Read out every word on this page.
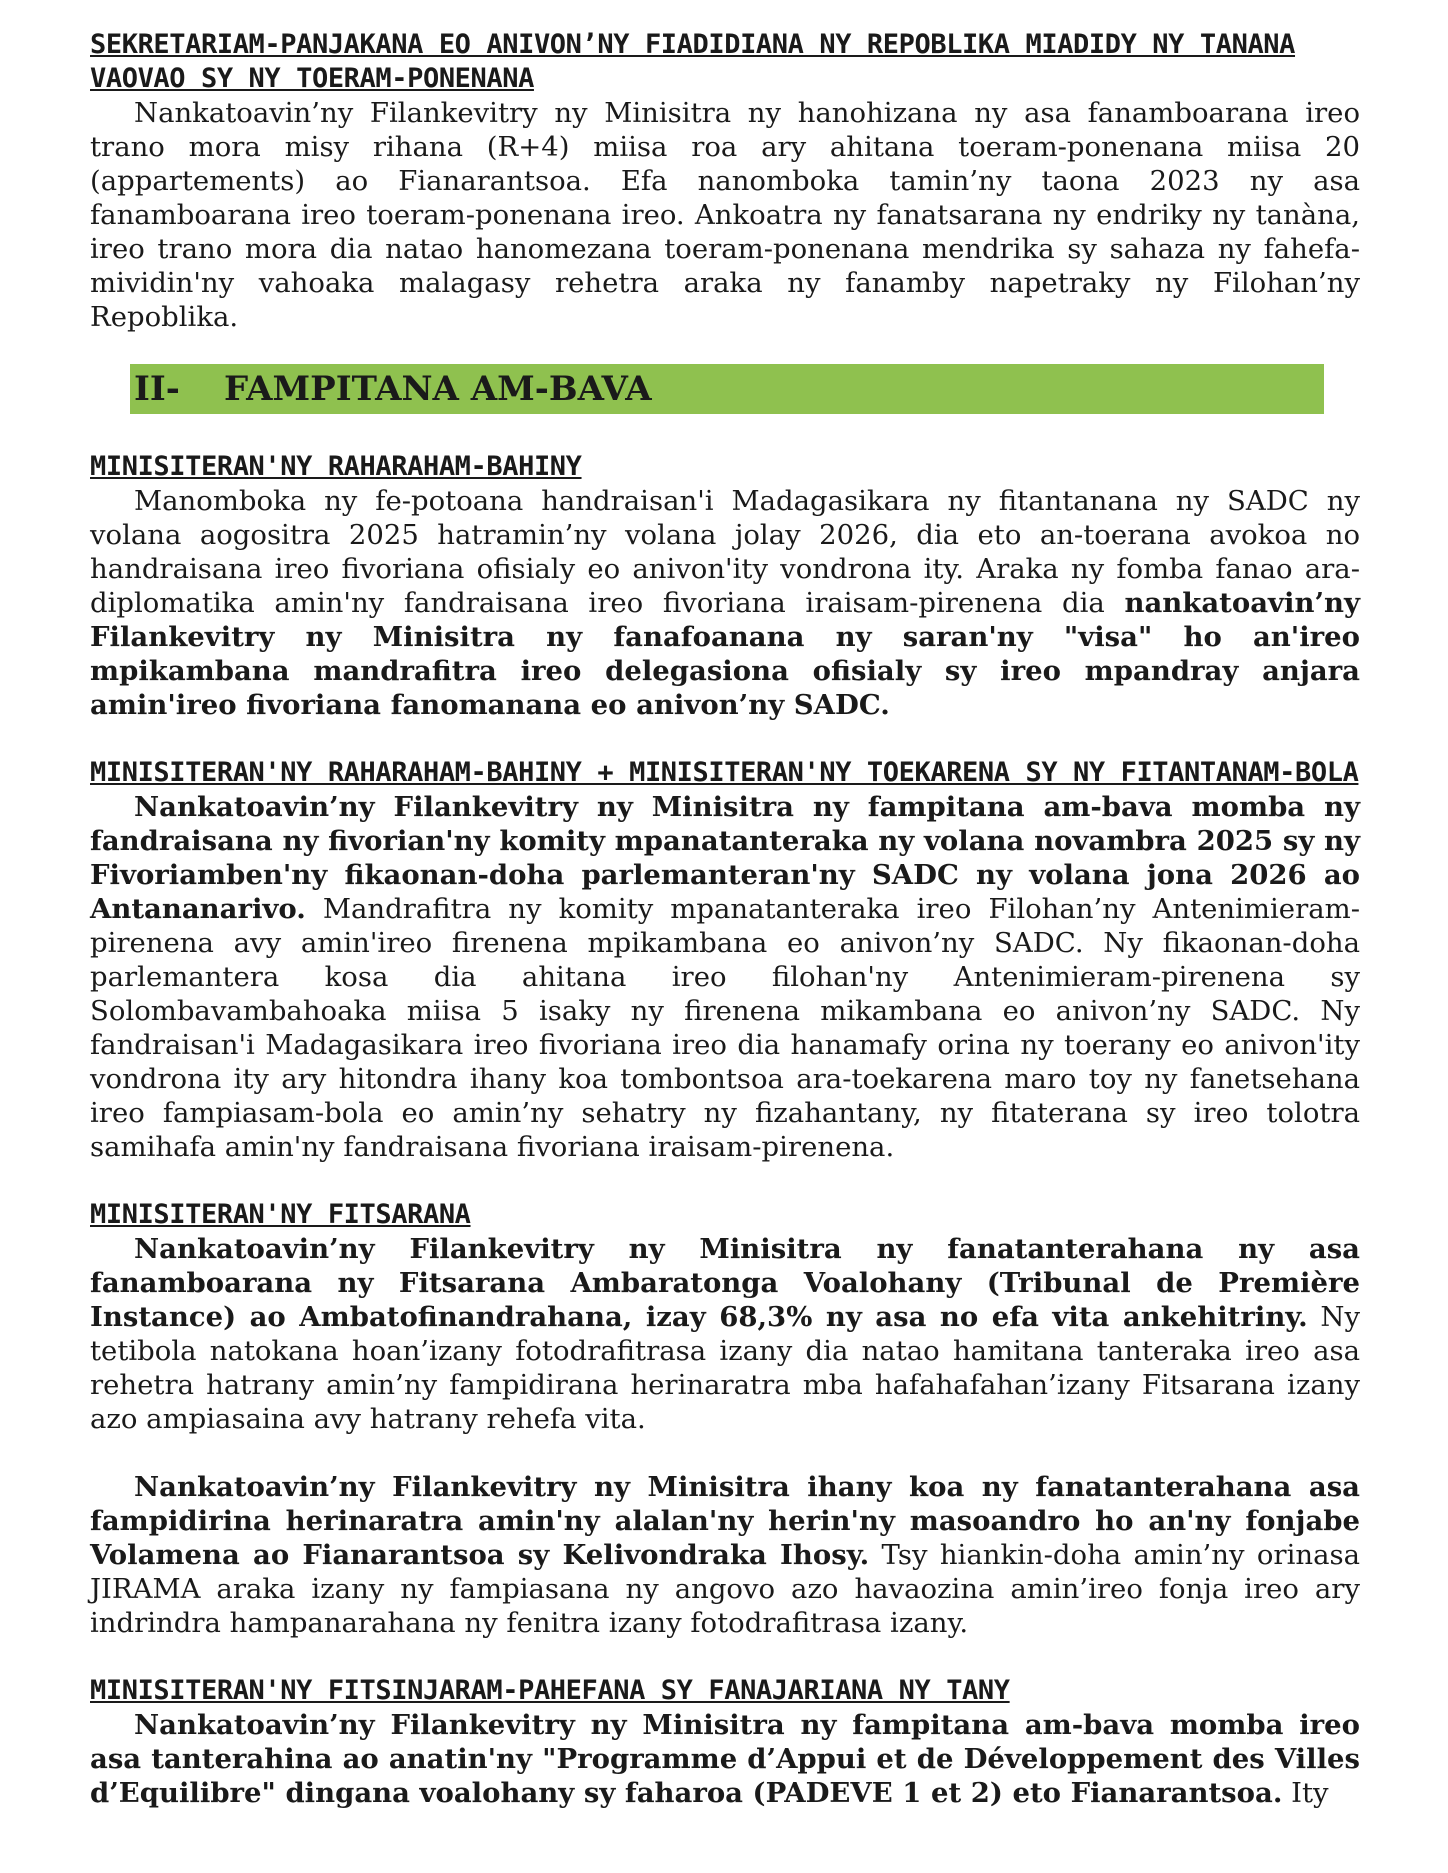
SEKRETARIAM-PANJAKANA EO ANIVON’NY FIADIDIANA NY REPOBLIKA MIADIDY NY TANANA VAOVAO SY NY TOERAM-PONENANA

Nankatoavin’ny Filankevitry ny Minisitra ny hanohizana ny asa fanamboarana ireo trano mora misy rihana (R+4) miisa roa ary ahitana toeram-ponenana miisa 20 (appartements) ao Fianarantsoa. Efa nanomboka tamin’ny taona 2023 ny asa fanamboarana ireo toeram-ponenana ireo. Ankoatra ny fanatsarana ny endriky ny tanàna, ireo trano mora dia natao hanomezana toeram-ponenana mendrika sy sahaza ny fahefa-mividin'ny vahoaka malagasy rehetra araka ny fanamby napetraky ny Filohan’ny Repoblika.

II-	FAMPITANA AM-BAVA

MINISITERAN'NY RAHARAHAM-BAHINY

Manomboka ny fe-potoana handraisan'i Madagasikara ny fitantanana ny SADC ny volana aogositra 2025 hatramin’ny volana jolay 2026, dia eto an-toerana avokoa no handraisana ireo fivoriana ofisialy eo anivon'ity vondrona ity. Araka ny fomba fanao ara-diplomatika amin'ny fandraisana ireo fivoriana iraisam-pirenena dia nankatoavin’ny Filankevitry ny Minisitra ny fanafoanana ny saran'ny "visa" ho an'ireo mpikambana mandrafitra ireo delegasiona ofisialy sy ireo mpandray anjara amin'ireo fivoriana fanomanana eo anivon’ny SADC.

MINISITERAN'NY RAHARAHAM-BAHINY + MINISITERAN'NY TOEKARENA SY NY FITANTANAM-BOLA

Nankatoavin’ny Filankevitry ny Minisitra ny fampitana am-bava momba ny fandraisana ny fivorian'ny komity mpanatanteraka ny volana novambra 2025 sy ny Fivoriamben'ny fikaonan-doha parlemanteran'ny SADC ny volana jona 2026 ao Antananarivo. Mandrafitra ny komity mpanatanteraka ireo Filohan’ny Antenimieram-pirenena avy amin'ireo firenena mpikambana eo anivon’ny SADC. Ny fikaonan-doha parlemantera kosa dia ahitana ireo filohan'ny Antenimieram-pirenena sy Solombavambahoaka miisa 5 isaky ny firenena mikambana eo anivon’ny SADC. Ny fandraisan'i Madagasikara ireo fivoriana ireo dia hanamafy orina ny toerany eo anivon'ity vondrona ity ary hitondra ihany koa tombontsoa ara-toekarena maro toy ny fanetsehana ireo fampiasam-bola eo amin’ny sehatry ny fizahantany, ny fitaterana sy ireo tolotra samihafa amin'ny fandraisana fivoriana iraisam-pirenena.

MINISITERAN'NY FITSARANA

Nankatoavin’ny Filankevitry ny Minisitra ny fanatanterahana ny asa fanamboarana ny Fitsarana Ambaratonga Voalohany (Tribunal de Première Instance) ao Ambatofinandrahana, izay 68,3% ny asa no efa vita ankehitriny. Ny tetibola natokana hoan’izany fotodrafitrasa izany dia natao hamitana tanteraka ireo asa rehetra hatrany amin’ny fampidirana herinaratra mba hafahafahan’izany Fitsarana izany azo ampiasaina avy hatrany rehefa vita.

Nankatoavin’ny Filankevitry ny Minisitra ihany koa ny fanatanterahana asa fampidirina herinaratra amin'ny alalan'ny herin'ny masoandro ho an'ny fonjabe Volamena ao Fianarantsoa sy Kelivondraka Ihosy. Tsy hiankin-doha amin’ny orinasa JIRAMA araka izany ny fampiasana ny angovo azo havaozina amin’ireo fonja ireo ary indrindra hampanarahana ny fenitra izany fotodrafitrasa izany.

MINISITERAN'NY FITSINJARAM-PAHEFANA SY FANAJARIANA NY TANY

Nankatoavin’ny Filankevitry ny Minisitra ny fampitana am-bava momba ireo asa tanterahina ao anatin'ny "Programme d’Appui et de Développement des Villes d’Equilibre" dingana voalohany sy faharoa (PADEVE 1 et 2) eto Fianarantsoa. Ity
